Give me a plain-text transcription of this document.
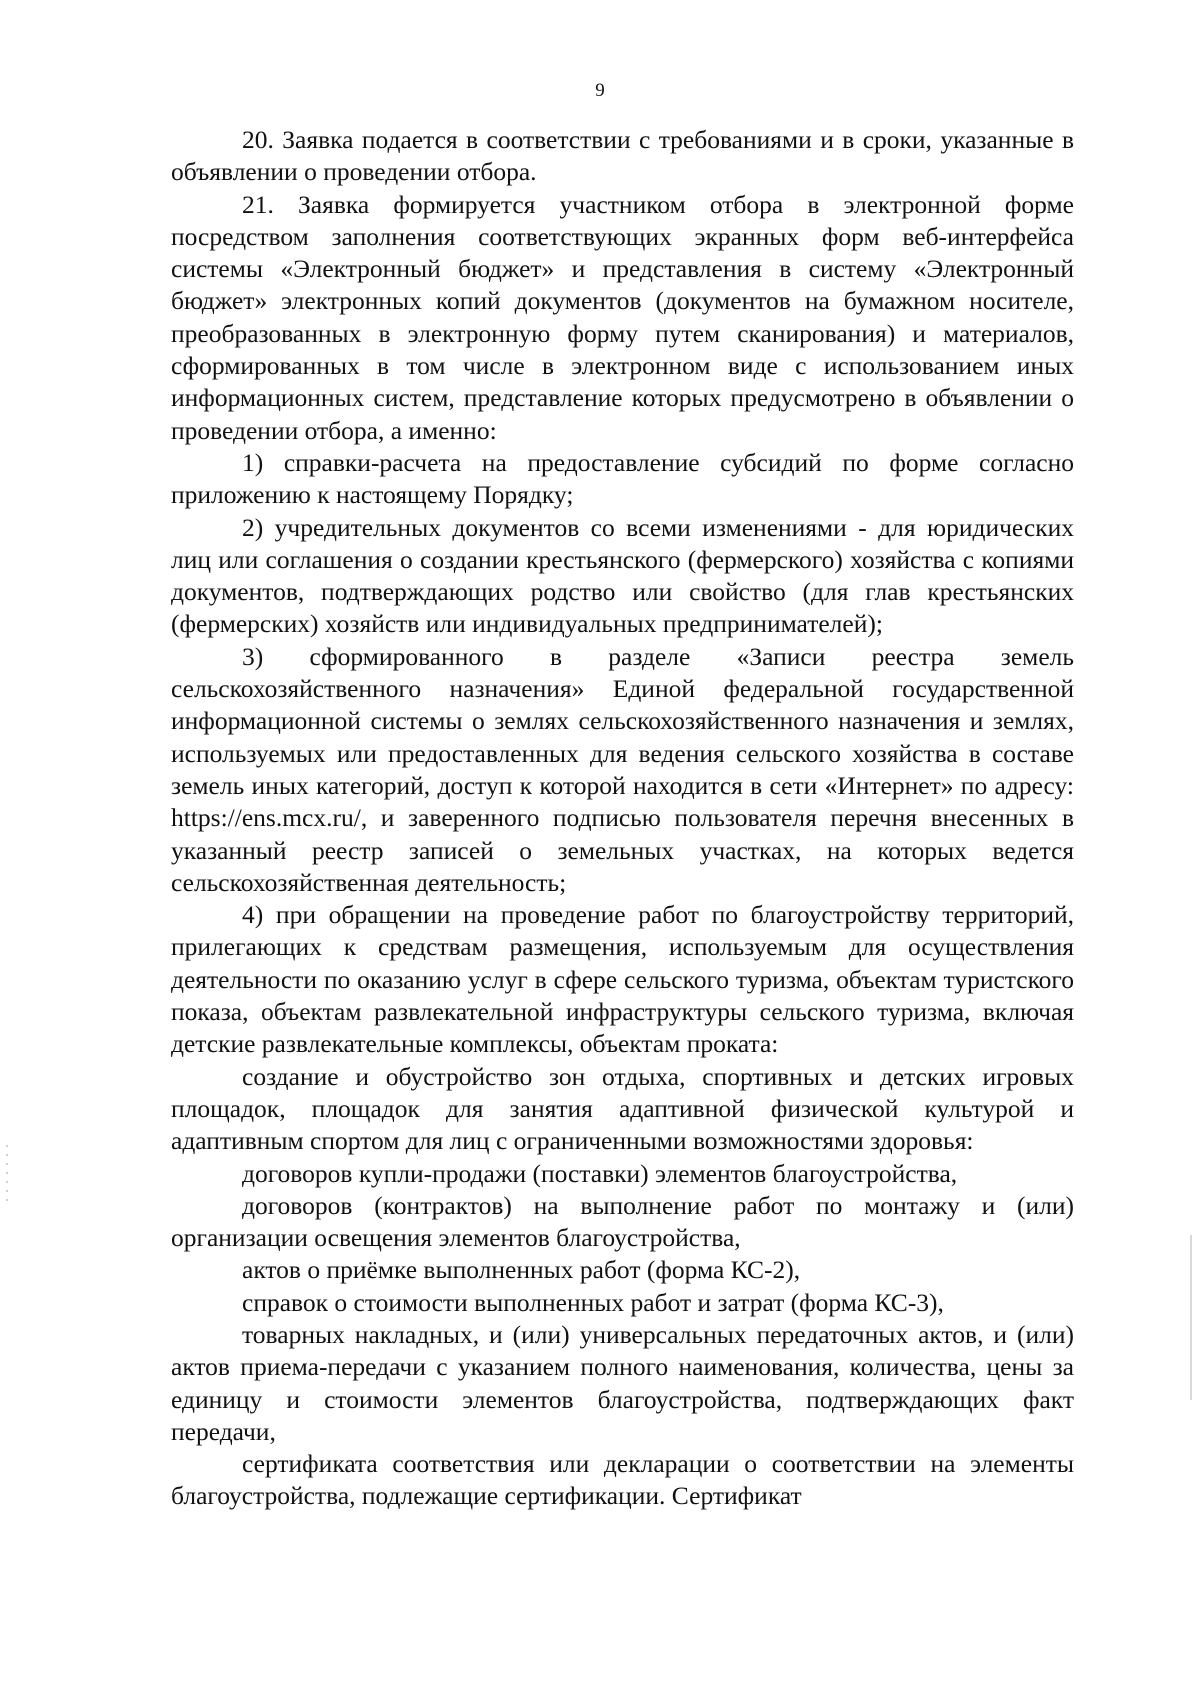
9

20. Заявка подается в соответствии с требованиями и в сроки, указанные в объявлении о проведении отбора.

21. Заявка формируется участником отбора в электронной форме посредством заполнения соответствующих экранных форм веб-интерфейса системы «Электронный бюджет» и представления в систему «Электронный бюджет» электронных копий документов (документов на бумажном носителе, преобразованных в электронную форму путем сканирования) и материалов, сформированных в том числе в электронном виде с использованием иных информационных систем, представление которых предусмотрено в объявлении о проведении отбора, а именно:

1) справки-расчета на предоставление субсидий по форме согласно приложению к настоящему Порядку;

2) учредительных документов со всеми изменениями - для юридических лиц или соглашения о создании крестьянского (фермерского) хозяйства с копиями документов, подтверждающих родство или свойство (для глав крестьянских (фермерских) хозяйств или индивидуальных предпринимателей);

3) сформированного в разделе «Записи реестра земель сельскохозяйственного назначения» Единой федеральной государственной информационной системы о землях сельскохозяйственного назначения и землях, используемых или предоставленных для ведения сельского хозяйства в составе земель иных категорий, доступ к которой находится в сети «Интернет» по адресу: https://ens.mcx.ru/, и заверенного подписью пользователя перечня внесенных в указанный реестр записей о земельных участках, на которых ведется сельскохозяйственная деятельность;

4) при обращении на проведение работ по благоустройству территорий, прилегающих к средствам размещения, используемым для осуществления деятельности по оказанию услуг в сфере сельского туризма, объектам туристского показа, объектам развлекательной инфраструктуры сельского туризма, включая детские развлекательные комплексы, объектам проката:

создание и обустройство зон отдыха, спортивных и детских игровых площадок, площадок для занятия адаптивной физической культурой и адаптивным спортом для лиц с ограниченными возможностями здоровья:

договоров купли-продажи (поставки) элементов благоустройства,

договоров (контрактов) на выполнение работ по монтажу и (или) организации освещения элементов благоустройства,

актов о приёмке выполненных работ (форма КС-2),

справок о стоимости выполненных работ и затрат (форма КС-3),

товарных накладных, и (или) универсальных передаточных актов, и (или) актов приема-передачи с указанием полного наименования, количества, цены за единицу и стоимости элементов благоустройства, подтверждающих факт передачи,

сертификата соответствия или декларации о соответствии на элементы благоустройства, подлежащие сертификации. Сертификат
